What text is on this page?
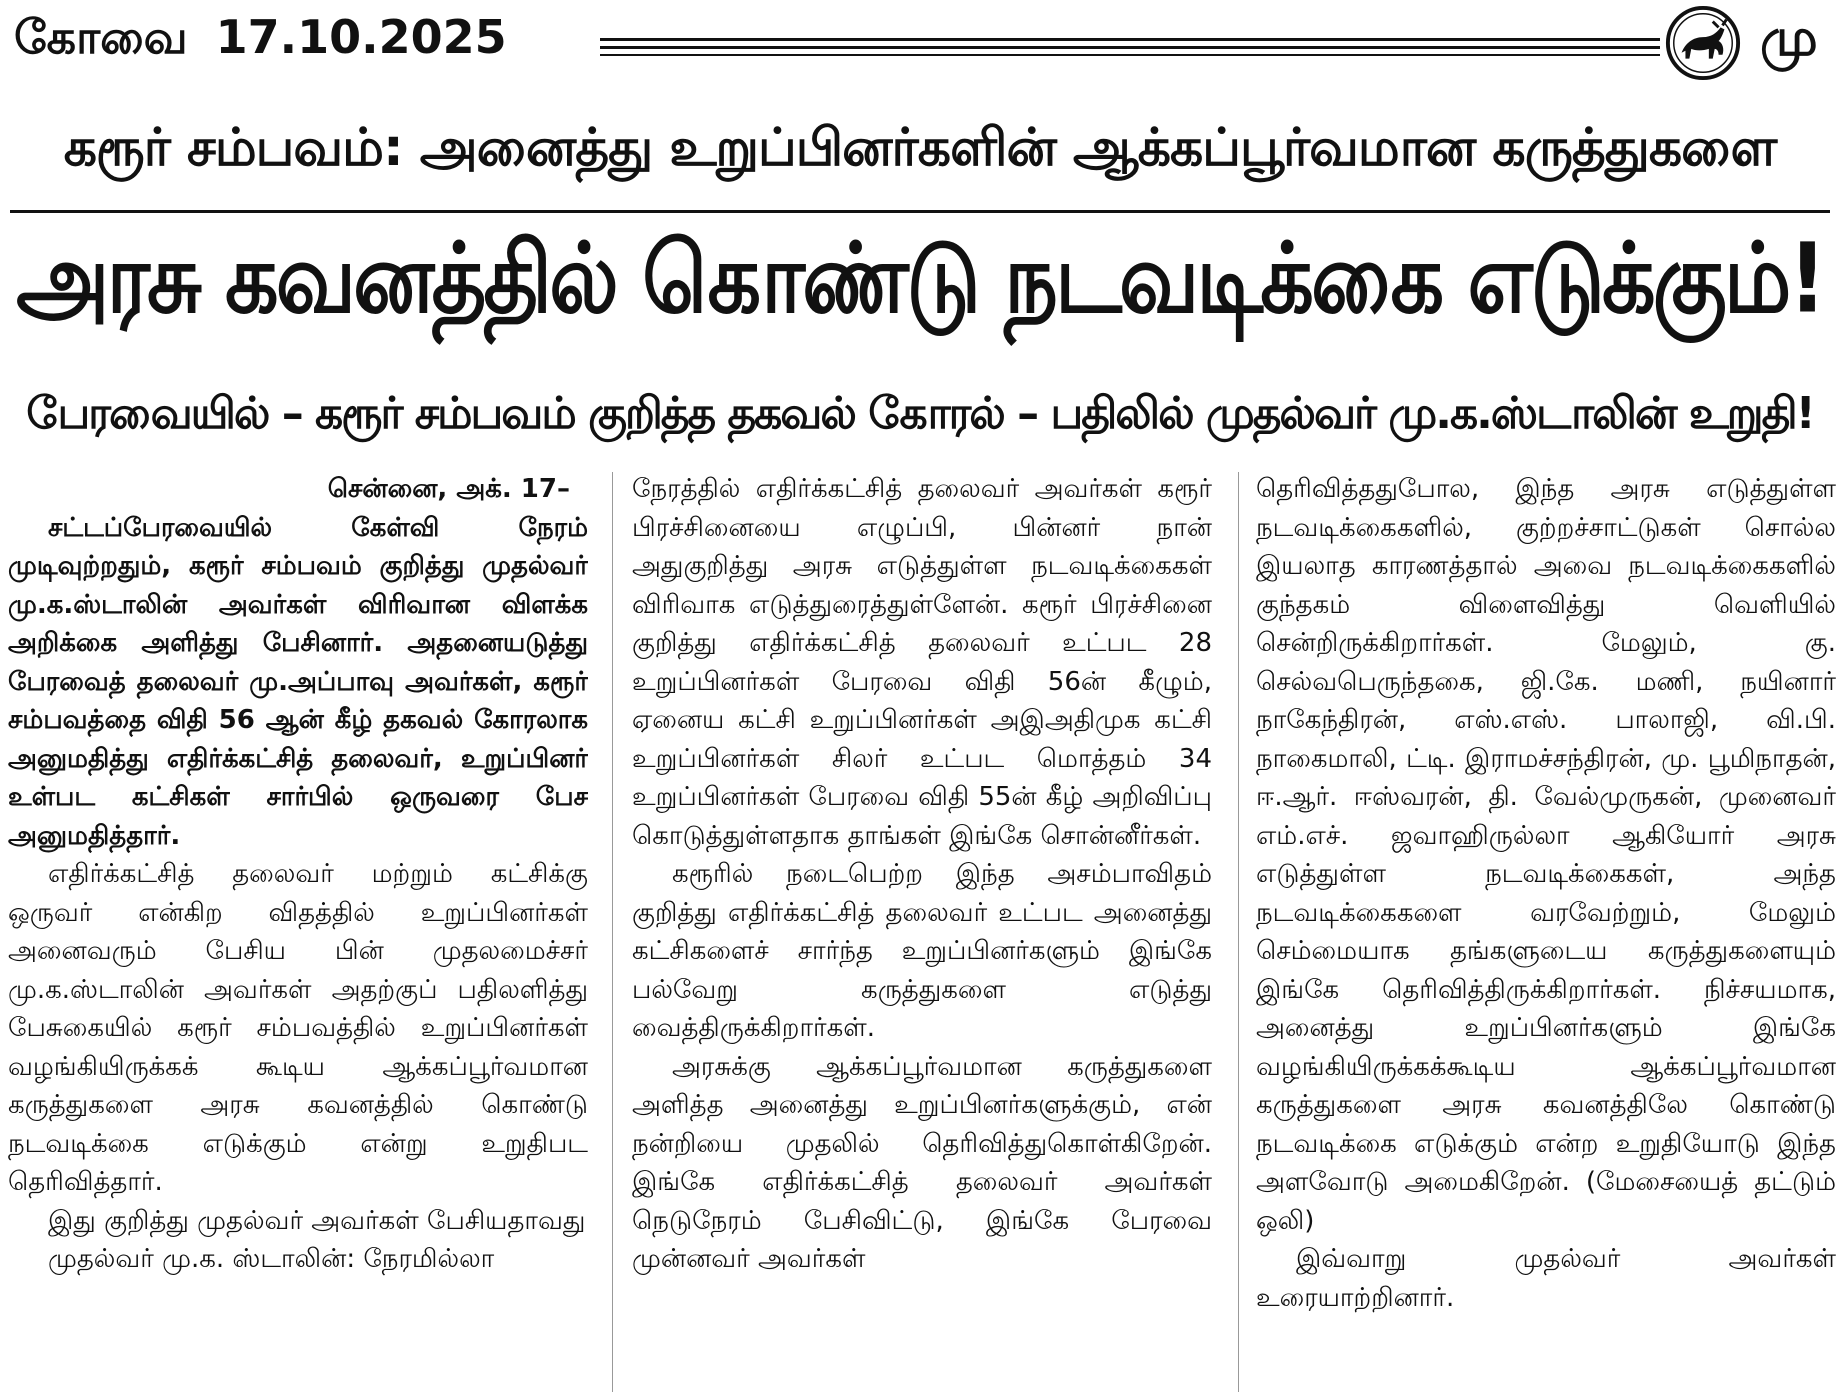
கோவை 17.10.2025	மு
கரூர் சம்பவம்: அனைத்து உறுப்பினர்களின் ஆக்கப்பூர்வமான கருத்துகளை
அரசு கவனத்தில் கொண்டு நடவடிக்கை எடுக்கும்!
பேரவையில் – கரூர் சம்பவம் குறித்த தகவல் கோரல் – பதிலில் முதல்வர் மு.க.ஸ்டாலின் உறுதி!

சென்னை, அக். 17–

சட்டப்பேரவையில் கேள்வி நேரம் முடிவுற்றதும், கரூர் சம்பவம் குறித்து முதல்வர் மு.க.ஸ்டாலின் அவர்கள் விரிவான விளக்க அறிக்கை அளித்து பேசினார். அதனையடுத்து பேரவைத் தலைவர் மு.அப்பாவு அவர்கள், கரூர் சம்பவத்தை விதி 56 ஆன் கீழ் தகவல் கோரலாக அனுமதித்து எதிர்க்கட்சித் தலைவர், உறுப்பினர் உள்பட கட்சிகள் சார்பில் ஒருவரை பேச அனுமதித்தார்.

எதிர்க்கட்சித் தலைவர் மற்றும் கட்சிக்கு ஒருவர் என்கிற விதத்தில் உறுப்பினர்கள் அனைவரும் பேசிய பின் முதலமைச்சர் மு.க.ஸ்டாலின் அவர்கள் அதற்குப் பதிலளித்து பேசுகையில் கரூர் சம்பவத்தில் உறுப்பினர்கள் வழங்கியிருக்கக் கூடிய ஆக்கப்பூர்வமான கருத்துகளை அரசு கவனத்தில் கொண்டு நடவடிக்கை எடுக்கும் என்று உறுதிபட தெரிவித்தார்.

இது குறித்து முதல்வர் அவர்கள் பேசியதாவது

முதல்வர் மு.க. ஸ்டாலின்: நேரமில்லா

நேரத்தில் எதிர்க்கட்சித் தலைவர் அவர்கள் கரூர் பிரச்சினையை எழுப்பி, பின்னர் நான் அதுகுறித்து அரசு எடுத்துள்ள நடவடிக்கைகள் விரிவாக எடுத்துரைத்துள்ளேன். கரூர் பிரச்சினை குறித்து எதிர்க்கட்சித் தலைவர் உட்பட 28 உறுப்பினர்கள் பேரவை விதி 56ன் கீழும், ஏனைய கட்சி உறுப்பினர்கள் அஇஅதிமுக கட்சி உறுப்பினர்கள் சிலர் உட்பட மொத்தம் 34 உறுப்பினர்கள் பேரவை விதி 55ன் கீழ் அறிவிப்பு கொடுத்துள்ளதாக தாங்கள் இங்கே சொன்னீர்கள்.

கரூரில் நடைபெற்ற இந்த அசம்பாவிதம் குறித்து எதிர்க்கட்சித் தலைவர் உட்பட அனைத்து கட்சிகளைச் சார்ந்த உறுப்பினர்களும் இங்கே பல்வேறு கருத்துகளை எடுத்து வைத்திருக்கிறார்கள்.

அரசுக்கு ஆக்கப்பூர்வமான கருத்துகளை அளித்த அனைத்து உறுப்பினர்களுக்கும், என் நன்றியை முதலில் தெரிவித்துகொள்கிறேன். இங்கே எதிர்க்கட்சித் தலைவர் அவர்கள் நெடுநேரம் பேசிவிட்டு, இங்கே பேரவை முன்னவர் அவர்கள்

தெரிவித்ததுபோல, இந்த அரசு எடுத்துள்ள நடவடிக்கைகளில், குற்றச்சாட்டுகள் சொல்ல இயலாத காரணத்தால் அவை நடவடிக்கைகளில் குந்தகம் விளைவித்து வெளியில் சென்றிருக்கிறார்கள். மேலும், கு. செல்வபெருந்தகை, ஜி.கே. மணி, நயினார் நாகேந்திரன், எஸ்.எஸ். பாலாஜி, வி.பி. நாகைமாலி, ட்டி. இராமச்சந்திரன், மு. பூமிநாதன், ஈ.ஆர். ஈஸ்வரன், தி. வேல்முருகன், முனைவர் எம்.எச். ஜவாஹிருல்லா ஆகியோர் அரசு எடுத்துள்ள நடவடிக்கைகள், அந்த நடவடிக்கைகளை வரவேற்றும், மேலும் செம்மையாக தங்களுடைய கருத்துகளையும் இங்கே தெரிவித்திருக்கிறார்கள். நிச்சயமாக, அனைத்து உறுப்பினர்களும் இங்கே வழங்கியிருக்கக்கூடிய ஆக்கப்பூர்வமான கருத்துகளை அரசு கவனத்திலே கொண்டு நடவடிக்கை எடுக்கும் என்ற உறுதியோடு இந்த அளவோடு அமைகிறேன். (மேசையைத் தட்டும் ஒலி)

இவ்வாறு முதல்வர் அவர்கள் உரையாற்றினார்.
